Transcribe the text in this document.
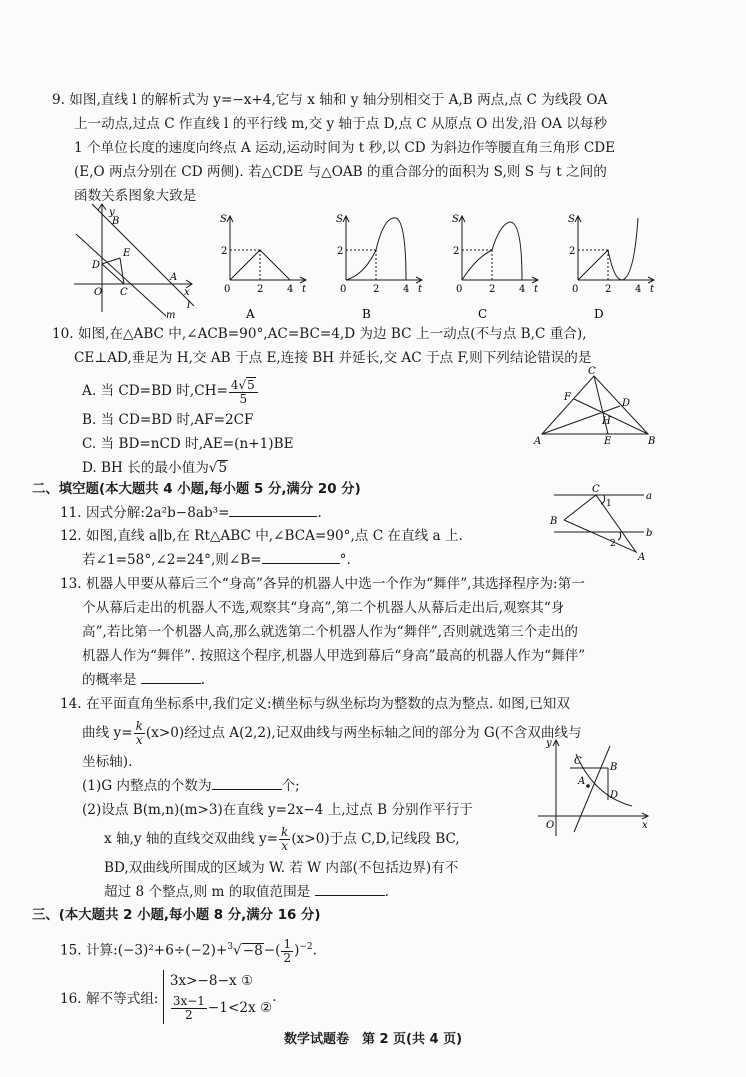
9. 如图,直线 l 的解析式为 y=−x+4,它与 x 轴和 y 轴分别相交于 A,B 两点,点 C 为线段 OA
上一动点,过点 C 作直线 l 的平行线 m,交 y 轴于点 D,点 C 从原点 O 出发,沿 OA 以每秒
1 个单位长度的速度向终点 A 运动,运动时间为 t 秒,以 CD 为斜边作等腰直角三角形 CDE
(E,O 两点分别在 CD 两侧). 若△CDE 与△OAB 的重合部分的面积为 S,则 S 与 t 之间的
函数关系图象大致是
y
B
D
E
O C
A
x
l
m
S
2
0	2 4 t
A
S
2
0	2 4 t
B
S
2
0	2 4 t
C
S
2
0	2 4 t
D
10. 如图,在△ABC 中,∠ACB=90°,AC=BC=4,D 为边 BC 上一动点(不与点 B,C 重合),
CE⊥AD,垂足为 H,交 AB 于点 E,连接 BH 并延长,交 AC 于点 F,则下列结论错误的是
A. 当 CD=BD 时$,CH= \frac{4√5}{5}$
B. 当 CD=BD 时,AF=2CF
C. 当 BD=nCD 时,AE=(n+1)BE
D. BH 长的最小值为√5
C
F
D
H
A	E	B
二、填空题(本大题共 4 小题,每小题 5 分,满分 20 分)
11. 因式分解:2a²b−8ab³=	.
12. 如图,直线 a∥b,在 Rt△ABC 中,∠BCA=90°,点 C 在直线 a 上.
若∠1=58°,∠2=24°,则∠B=	°.
C
a
1
B
b
2
A
13. 机器人甲要从幕后三个“身高”各异的机器人中选一个作为“舞伴”,其选择程序为:第一
个从幕后走出的机器人不选,观察其“身高”,第二个机器人从幕后走出后,观察其“身
高”,若比第一个机器人高,那么就选第二个机器人作为“舞伴”,否则就选第三个走出的
机器人作为“舞伴”. 按照这个程序,机器人甲选到幕后“身高”最高的机器人作为“舞伴”
的概率是	.
14. 在平面直角坐标系中,我们定义:横坐标与纵坐标均为整数的点为整点. 如图,已知双
曲线 $y= \frac{k}{x} (x>0)$经过点 A(2,2),记双曲线与两坐标轴之间的部分为 G(不含双曲线与
坐标轴).
(1)G 内整点的个数为	个;
(2)设点 B(m,n)(m>3)在直线 y=2x−4 上,过点 B 分别作平行于
x 轴,y 轴的直线交双曲线 $y= \frac{k}{x} (x>0)$于点 C,D,记线段 BC,
BD,双曲线所围成的区域为 W. 若 W 内部(不包括边界)有不
超过 8 个整点,则 m 的取值范围是	.
y
C
B
A
D
O	x
三、(本大题共 2 小题,每小题 8 分,满分 16 分)
15. 计算:(−3)²+6÷(−2)+$^3$√−8−( $\frac{1}{2} )^{-2}$.
16. 解不等式组:
3x>−8−x ①
$\frac{3x-1}{2} -1<2x$ ②
.
数学试题卷　第 2 页(共 4 页)
